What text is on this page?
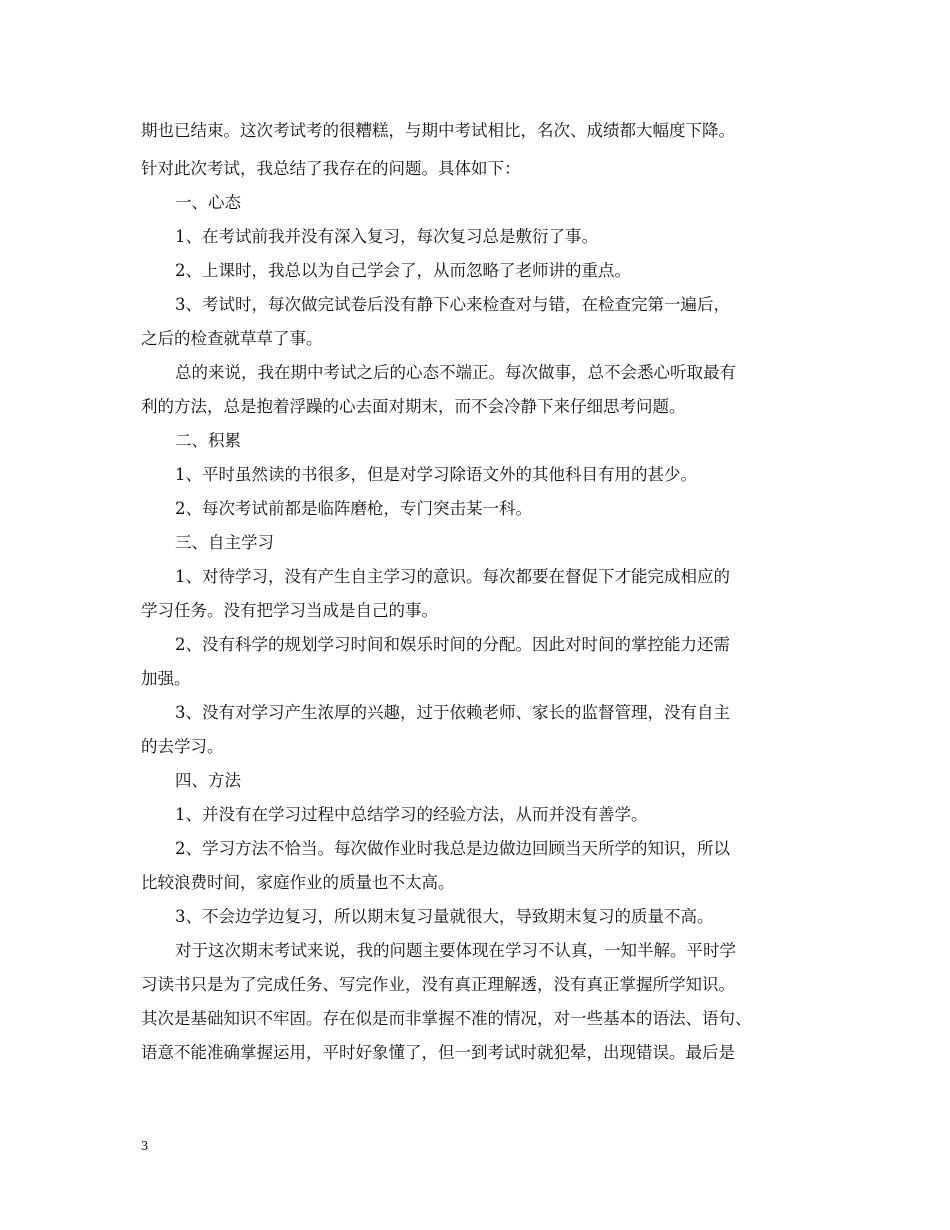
期也已结束。这次考试考的很糟糕，与期中考试相比，名次、成绩都大幅度下降。
针对此次考试，我总结了我存在的问题。具体如下：
一、心态
1、在考试前我并没有深入复习，每次复习总是敷衍了事。
2、上课时，我总以为自己学会了，从而忽略了老师讲的重点。
3、考试时，每次做完试卷后没有静下心来检查对与错，在检查完第一遍后，
之后的检查就草草了事。
总的来说，我在期中考试之后的心态不端正。每次做事，总不会悉心听取最有
利的方法，总是抱着浮躁的心去面对期末，而不会冷静下来仔细思考问题。
二、积累
1、平时虽然读的书很多，但是对学习除语文外的其他科目有用的甚少。
2、每次考试前都是临阵磨枪，专门突击某一科。
三、自主学习
1、对待学习，没有产生自主学习的意识。每次都要在督促下才能完成相应的
学习任务。没有把学习当成是自己的事。
2、没有科学的规划学习时间和娱乐时间的分配。因此对时间的掌控能力还需
加强。
3、没有对学习产生浓厚的兴趣，过于依赖老师、家长的监督管理，没有自主
的去学习。
四、方法
1、并没有在学习过程中总结学习的经验方法，从而并没有善学。
2、学习方法不恰当。每次做作业时我总是边做边回顾当天所学的知识，所以
比较浪费时间，家庭作业的质量也不太高。
3、不会边学边复习，所以期末复习量就很大，导致期末复习的质量不高。
对于这次期末考试来说，我的问题主要体现在学习不认真，一知半解。平时学
习读书只是为了完成任务、写完作业，没有真正理解透，没有真正掌握所学知识。
其次是基础知识不牢固。存在似是而非掌握不准的情况，对一些基本的语法、语句、
语意不能准确掌握运用，平时好象懂了，但一到考试时就犯晕，出现错误。最后是
3
